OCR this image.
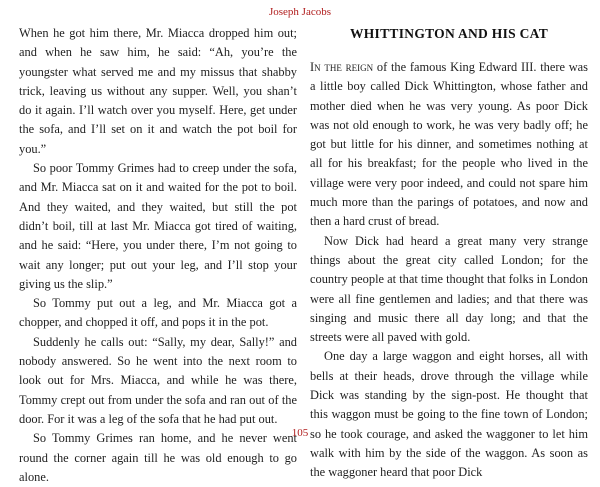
Joseph Jacobs

When he got him there, Mr. Miacca dropped him out; and when he saw him, he said: “Ah, you’re the youngster what served me and my missus that shabby trick, leaving us without any supper. Well, you shan’t do it again. I’ll watch over you myself. Here, get under the sofa, and I’ll set on it and watch the pot boil for you.”

So poor Tommy Grimes had to creep under the sofa, and Mr. Miacca sat on it and waited for the pot to boil. And they waited, and they waited, but still the pot didn’t boil, till at last Mr. Miacca got tired of waiting, and he said: “Here, you under there, I’m not going to wait any longer; put out your leg, and I’ll stop your giving us the slip.”

So Tommy put out a leg, and Mr. Miacca got a chopper, and chopped it off, and pops it in the pot.

Suddenly he calls out: “Sally, my dear, Sally!” and nobody answered. So he went into the next room to look out for Mrs. Miacca, and while he was there, Tommy crept out from under the sofa and ran out of the door. For it was a leg of the sofa that he had put out.

So Tommy Grimes ran home, and he never went round the corner again till he was old enough to go alone.

WHITTINGTON AND HIS CAT

In the reign of the famous King Edward III. there was a little boy called Dick Whittington, whose father and mother died when he was very young. As poor Dick was not old enough to work, he was very badly off; he got but little for his dinner, and sometimes nothing at all for his breakfast; for the people who lived in the village were very poor indeed, and could not spare him much more than the parings of potatoes, and now and then a hard crust of bread.

Now Dick had heard a great many very strange things about the great city called London; for the country people at that time thought that folks in London were all fine gentlemen and ladies; and that there was singing and music there all day long; and that the streets were all paved with gold.

One day a large waggon and eight horses, all with bells at their heads, drove through the village while Dick was standing by the sign-post. He thought that this waggon must be going to the fine town of London; so he took courage, and asked the waggoner to let him walk with him by the side of the waggon. As soon as the waggoner heard that poor Dick

105
